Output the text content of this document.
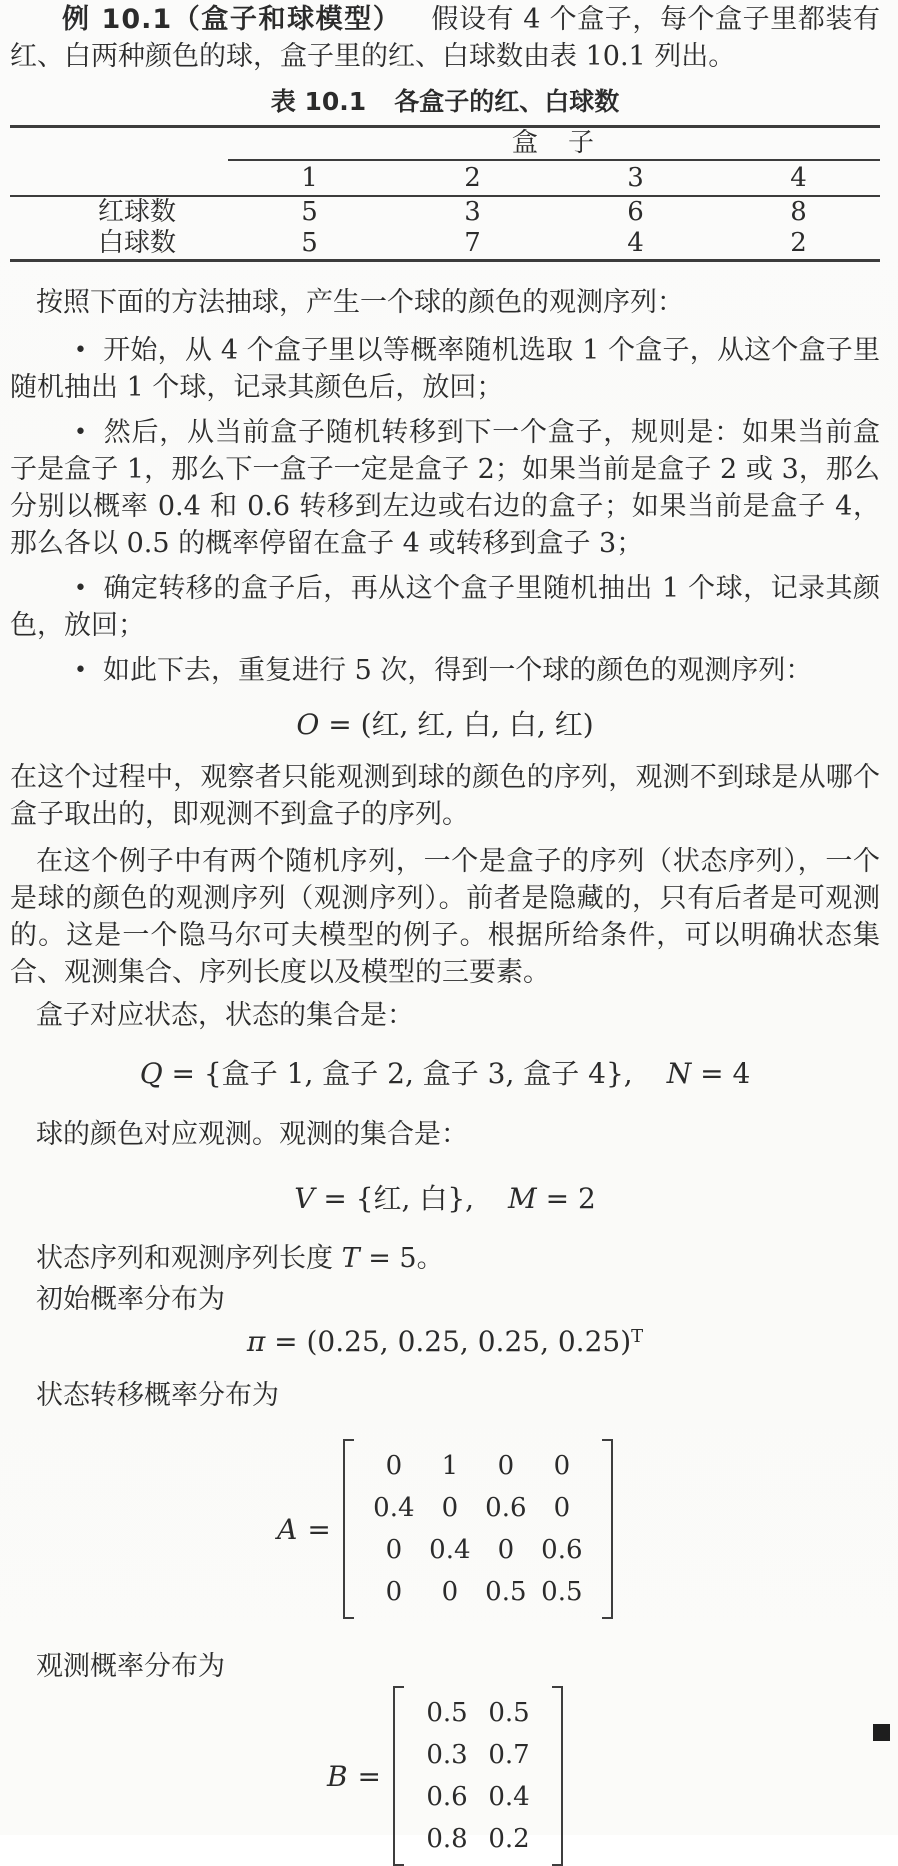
例 10.1（盒子和球模型） 假设有 4 个盒子，每个盒子里都装有红、白两种颜色的球，盒子里的红、白球数由表 10.1 列出。

表 10.1 各盒子的红、白球数
盒　子
1	2	3	4
红球数	5	3	6	8
白球数	5	7	4	2

按照下面的方法抽球，产生一个球的颜色的观测序列：

• 开始，从 4 个盒子里以等概率随机选取 1 个盒子，从这个盒子里随机抽出 1 个球，记录其颜色后，放回；

• 然后，从当前盒子随机转移到下一个盒子，规则是：如果当前盒子是盒子 1，那么下一盒子一定是盒子 2；如果当前是盒子 2 或 3，那么分别以概率 0.4 和 0.6 转移到左边或右边的盒子；如果当前是盒子 4，那么各以 0.5 的概率停留在盒子 4 或转移到盒子 3；

• 确定转移的盒子后，再从这个盒子里随机抽出 1 个球，记录其颜色，放回；

• 如此下去，重复进行 5 次，得到一个球的颜色的观测序列：

O = (红, 红, 白, 白, 红)

在这个过程中，观察者只能观测到球的颜色的序列，观测不到球是从哪个盒子取出的，即观测不到盒子的序列。

在这个例子中有两个随机序列，一个是盒子的序列（状态序列），一个是球的颜色的观测序列（观测序列）。前者是隐藏的，只有后者是可观测的。这是一个隐马尔可夫模型的例子。根据所给条件，可以明确状态集合、观测集合、序列长度以及模型的三要素。

盒子对应状态，状态的集合是：

Q = {盒子 1, 盒子 2, 盒子 3, 盒子 4}, N = 4

球的颜色对应观测。观测的集合是：

V = {红, 白}, M = 2

状态序列和观测序列长度 T = 5。

初始概率分布为

π = (0.25, 0.25, 0.25, 0.25)$^T$

状态转移概率分布为

A =
0	1	0	0
0.4	0	0.6	0
0	0.4	0	0.6
0	0	0.5 0.5

观测概率分布为

B =
0.5 0.5
0.3 0.7
0.6 0.4
0.8 0.2
